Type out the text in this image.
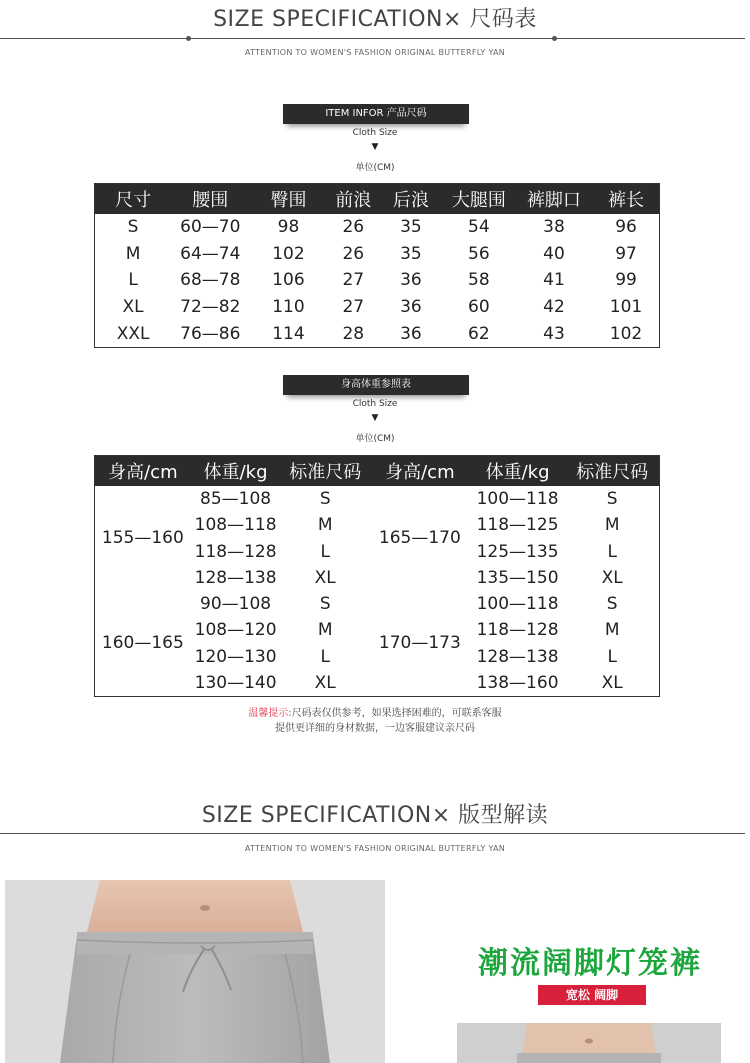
SIZE SPECIFICATION× 尺码表
ATTENTION TO WOMEN'S FASHION ORIGINAL BUTTERFLY YAN
ITEM INFOR 产品尺码
Cloth Size
▼
单位(CM)
尺寸	腰围	臀围	前浪	后浪	大腿围	裤脚口	裤长
S	60—70	98	26	35	54	38	96
M	64—74	102	26	35	56	40	97
L	68—78	106	27	36	58	41	99
XL	72—82	110	27	36	60	42	101
XXL	76—86	114	28	36	62	43	102
身高体重参照表
Cloth Size
▼
单位(CM)
身高/cm	体重/kg	标准尺码	身高/cm	体重/kg	标准尺码
155—160	85—108	S	165—170	100—118	S
	108—118	M		118—125	M
	118—128	L		125—135	L
	128—138	XL		135—150	XL
160—165	90—108	S	170—173	100—118	S
	108—120	M		118—128	M
	120—130	L		128—138	L
	130—140	XL		138—160	XL
温馨提示:尺码表仅供参考，如果选择困难的，可联系客服
提供更详细的身材数据，一边客服建议亲尺码
SIZE SPECIFICATION× 版型解读
ATTENTION TO WOMEN'S FASHION ORIGINAL BUTTERFLY YAN
潮流阔脚灯笼裤
宽松 阔脚
